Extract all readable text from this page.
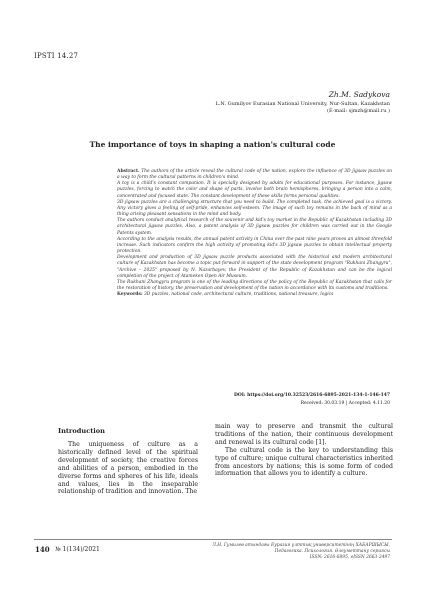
IPSTI 14.27
Zh.M. Sadykova
L.N. Gumilyov Eurasian National University, Nur-Sultan, Kazakhstan
(E-mail: sjmzh@mail.ru )
The importance of toys in shaping a nation's cultural code

Abstract. The authors of the article reveal the cultural code of the nation, explore the influence of 3D jigsaw puzzles on a way to form the cultural patterns in children's mind.

A toy is a child's constant companion. It is specially designed by adults for educational purposes. For instance, jigsaw puzzles, forcing to watch the color and shape of parts, involve both brain hemispheres, bringing a person into a calm, concentrated and focused state. The constant development of these skills forms personal qualities.

3D jigsaw puzzles are a challenging structure that you need to build. The completed task, the achieved goal is a victory. Any victory gives a feeling of self-pride, enhances self-esteem. The image of such toy remains in the back of mind as a thing arising pleasant sensations in the mind and body.

The authors conduct analytical research of the souvenir and kid's toy market in the Republic of Kazakhstan including 3D architectural jigsaw puzzles. Also, a patent analysis of 3D jigsaw puzzles for children was carried out in the Google Patents system.

According to the analysis results, the annual patent activity in China over the past nine years proves an almost threefold increase. Such indicators confirm the high activity of promoting kid's 3D jigsaw puzzles to obtain intellectual property protection.

Development and production of 3D jigsaw puzzle products associated with the historical and modern architectural culture of Kazakhstan has become a topic put forward in support of the state development program "Rukhani Zhangyru", "Archive – 2025" proposed by N. Nazarbayev, the President of the Republic of Kazakhstan and can be the logical completion of the project of Atameken Open Air Museum.

The Rukhani Zhangyru program is one of the leading directions of the policy of the Republic of Kazakhstan that calls for the restoration of history, the preservation and development of the nation in accordance with its customs and traditions.

Keywords: 3D puzzles, national code, architectural culture, traditions, national treasure, logics

DOI: https://doi.org/10.32523/2616-6895-2021-134-1-146-147
Received: 30.03.19 | Accepted: 4.11.20
Introduction

The uniqueness of culture as a historically defined level of the spiritual development of society, the creative forces and abilities of a person, embodied in the diverse forms and spheres of his life, ideals and values, lies in the inseparable relationship of tradition and innovation. The

main way to preserve and transmit the cultural traditions of the nation, their continuous development and renewal is its cultural code [1].

The cultural code is the key to understanding this type of culture; unique cultural characteristics inherited from ancestors by nations; this is some form of coded information that allows you to identify a culture.

140 № 1(134)/2021
Л.Н. Гумилев атындағы Еуразия ұлттық университетінің ХАБАРШЫСЫ.
Педагогика. Психология. Әлеуметтану сериясы
ISSN: 2616-6895, eISSN 2663-2497
